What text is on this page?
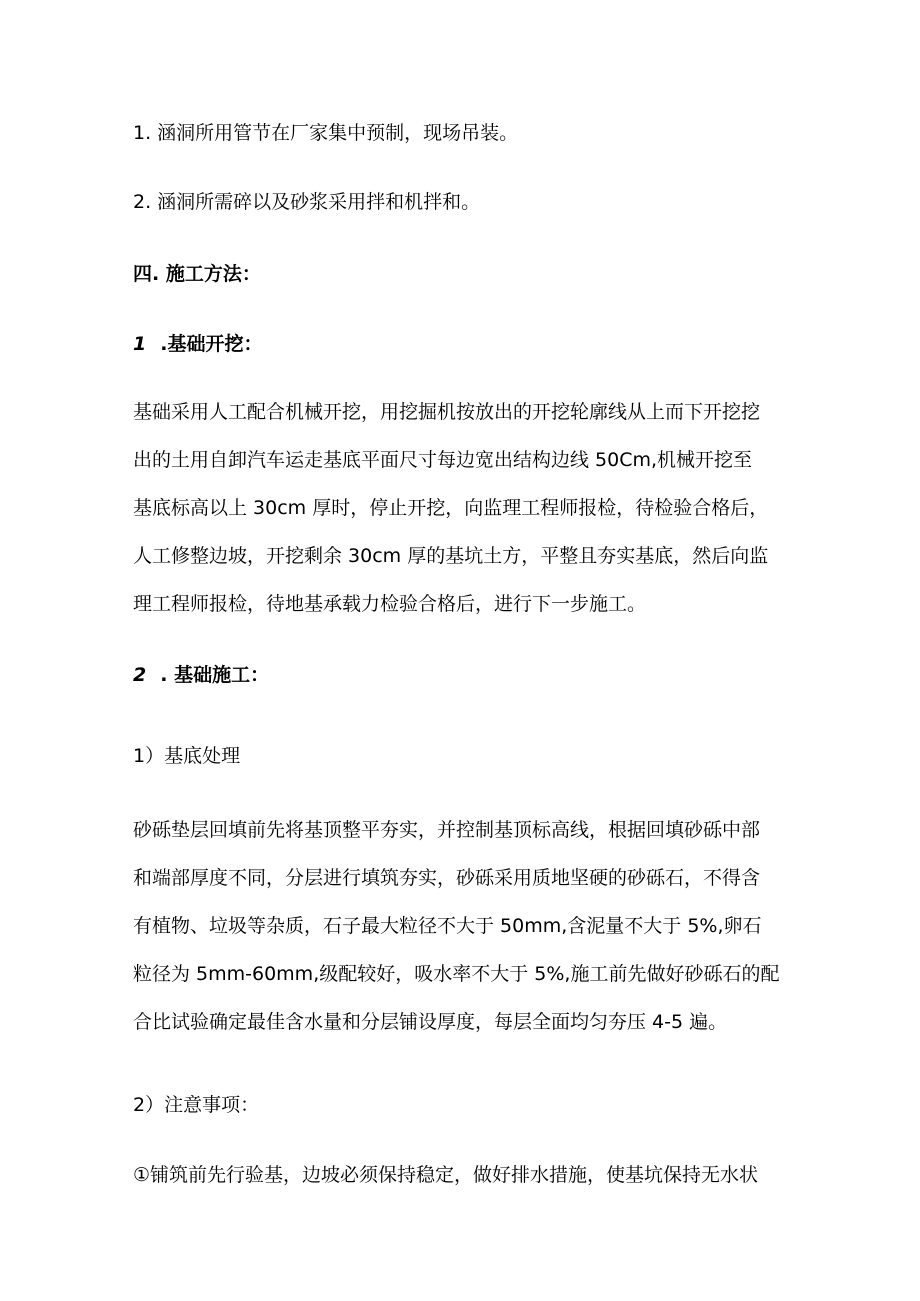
1. 涵洞所用管节在厂家集中预制，现场吊装。

2. 涵洞所需碎以及砂浆采用拌和机拌和。

四. 施工方法：

1 .基础开挖：

基础采用人工配合机械开挖，用挖掘机按放出的开挖轮廓线从上而下开挖挖

出的土用自卸汽车运走基底平面尺寸每边宽出结构边线 50Cm,机械开挖至

基底标高以上 30cm 厚时，停止开挖，向监理工程师报检，待检验合格后，

人工修整边坡，开挖剩余 30cm 厚的基坑土方，平整且夯实基底，然后向监

理工程师报检，待地基承载力检验合格后，进行下一步施工。

2 . 基础施工：

1）基底处理

砂砾垫层回填前先将基顶整平夯实，并控制基顶标高线，根据回填砂砾中部

和端部厚度不同，分层进行填筑夯实，砂砾采用质地坚硬的砂砾石，不得含

有植物、垃圾等杂质，石子最大粒径不大于 50mm,含泥量不大于 5%,卵石

粒径为 5mm-60mm,级配较好，吸水率不大于 5%,施工前先做好砂砾石的配

合比试验确定最佳含水量和分层铺设厚度，每层全面均匀夯压 4-5 遍。

2）注意事项：

①铺筑前先行验基，边坡必须保持稳定，做好排水措施，使基坑保持无水状
